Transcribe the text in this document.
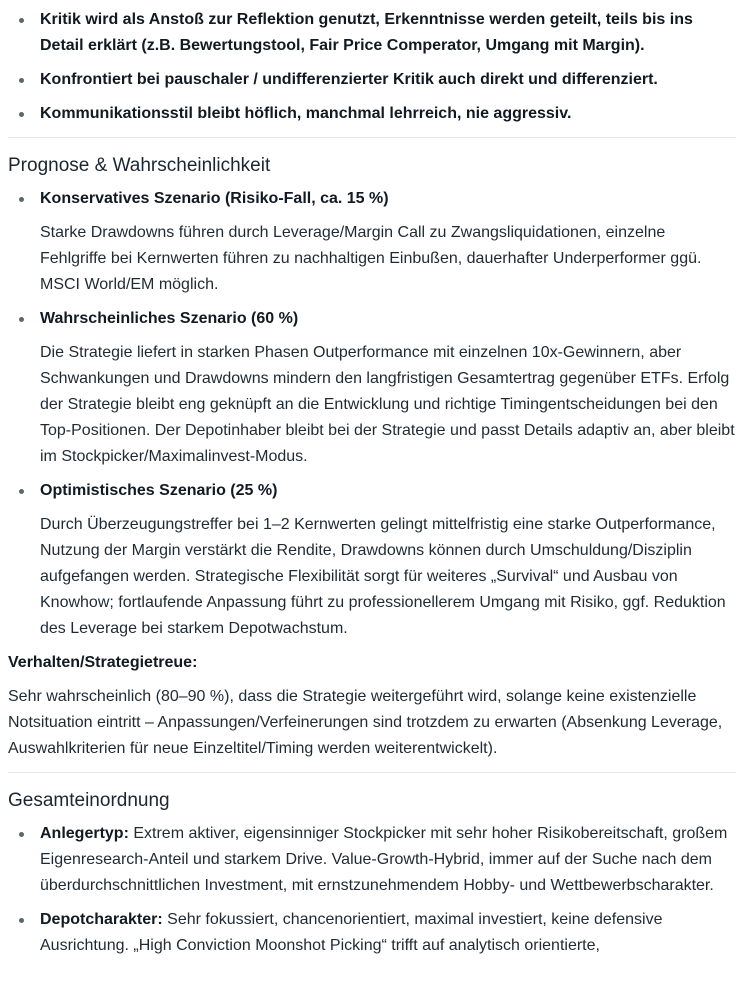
Kritik wird als Anstoß zur Reflektion genutzt, Erkenntnisse werden geteilt, teils bis ins Detail erklärt (z.B. Bewertungstool, Fair Price Comperator, Umgang mit Margin).
Konfrontiert bei pauschaler / undifferenzierter Kritik auch direkt und differenziert.
Kommunikationsstil bleibt höflich, manchmal lehrreich, nie aggressiv.
Prognose & Wahrscheinlichkeit
Konservatives Szenario (Risiko-Fall, ca. 15 %)

Starke Drawdowns führen durch Leverage/Margin Call zu Zwangsliquidationen, einzelne Fehlgriffe bei Kernwerten führen zu nachhaltigen Einbußen, dauerhafter Underperformer ggü. MSCI World/EM möglich.

Wahrscheinliches Szenario (60 %)

Die Strategie liefert in starken Phasen Outperformance mit einzelnen 10x-Gewinnern, aber Schwankungen und Drawdowns mindern den langfristigen Gesamtertrag gegenüber ETFs. Erfolg der Strategie bleibt eng geknüpft an die Entwicklung und richtige Timingentscheidungen bei den Top-Positionen. Der Depotinhaber bleibt bei der Strategie und passt Details adaptiv an, aber bleibt im Stockpicker/Maximalinvest-Modus.

Optimistisches Szenario (25 %)

Durch Überzeugungstreffer bei 1–2 Kernwerten gelingt mittelfristig eine starke Outperformance, Nutzung der Margin verstärkt die Rendite, Drawdowns können durch Umschuldung/Disziplin aufgefangen werden. Strategische Flexibilität sorgt für weiteres „Survival“ und Ausbau von Knowhow; fortlaufende Anpassung führt zu professionellerem Umgang mit Risiko, ggf. Reduktion des Leverage bei starkem Depotwachstum.

Verhalten/Strategietreue:

Sehr wahrscheinlich (80–90 %), dass die Strategie weitergeführt wird, solange keine existenzielle Notsituation eintritt – Anpassungen/Verfeinerungen sind trotzdem zu erwarten (Absenkung Leverage, Auswahlkriterien für neue Einzeltitel/Timing werden weiterentwickelt).

Gesamteinordnung
Anlegertyp: Extrem aktiver, eigensinniger Stockpicker mit sehr hoher Risikobereitschaft, großem Eigenresearch-Anteil und starkem Drive. Value-Growth-Hybrid, immer auf der Suche nach dem überdurchschnittlichen Investment, mit ernstzunehmendem Hobby- und Wettbewerbscharakter.
Depotcharakter: Sehr fokussiert, chancenorientiert, maximal investiert, keine defensive Ausrichtung. „High Conviction Moonshot Picking“ trifft auf analytisch orientierte,
